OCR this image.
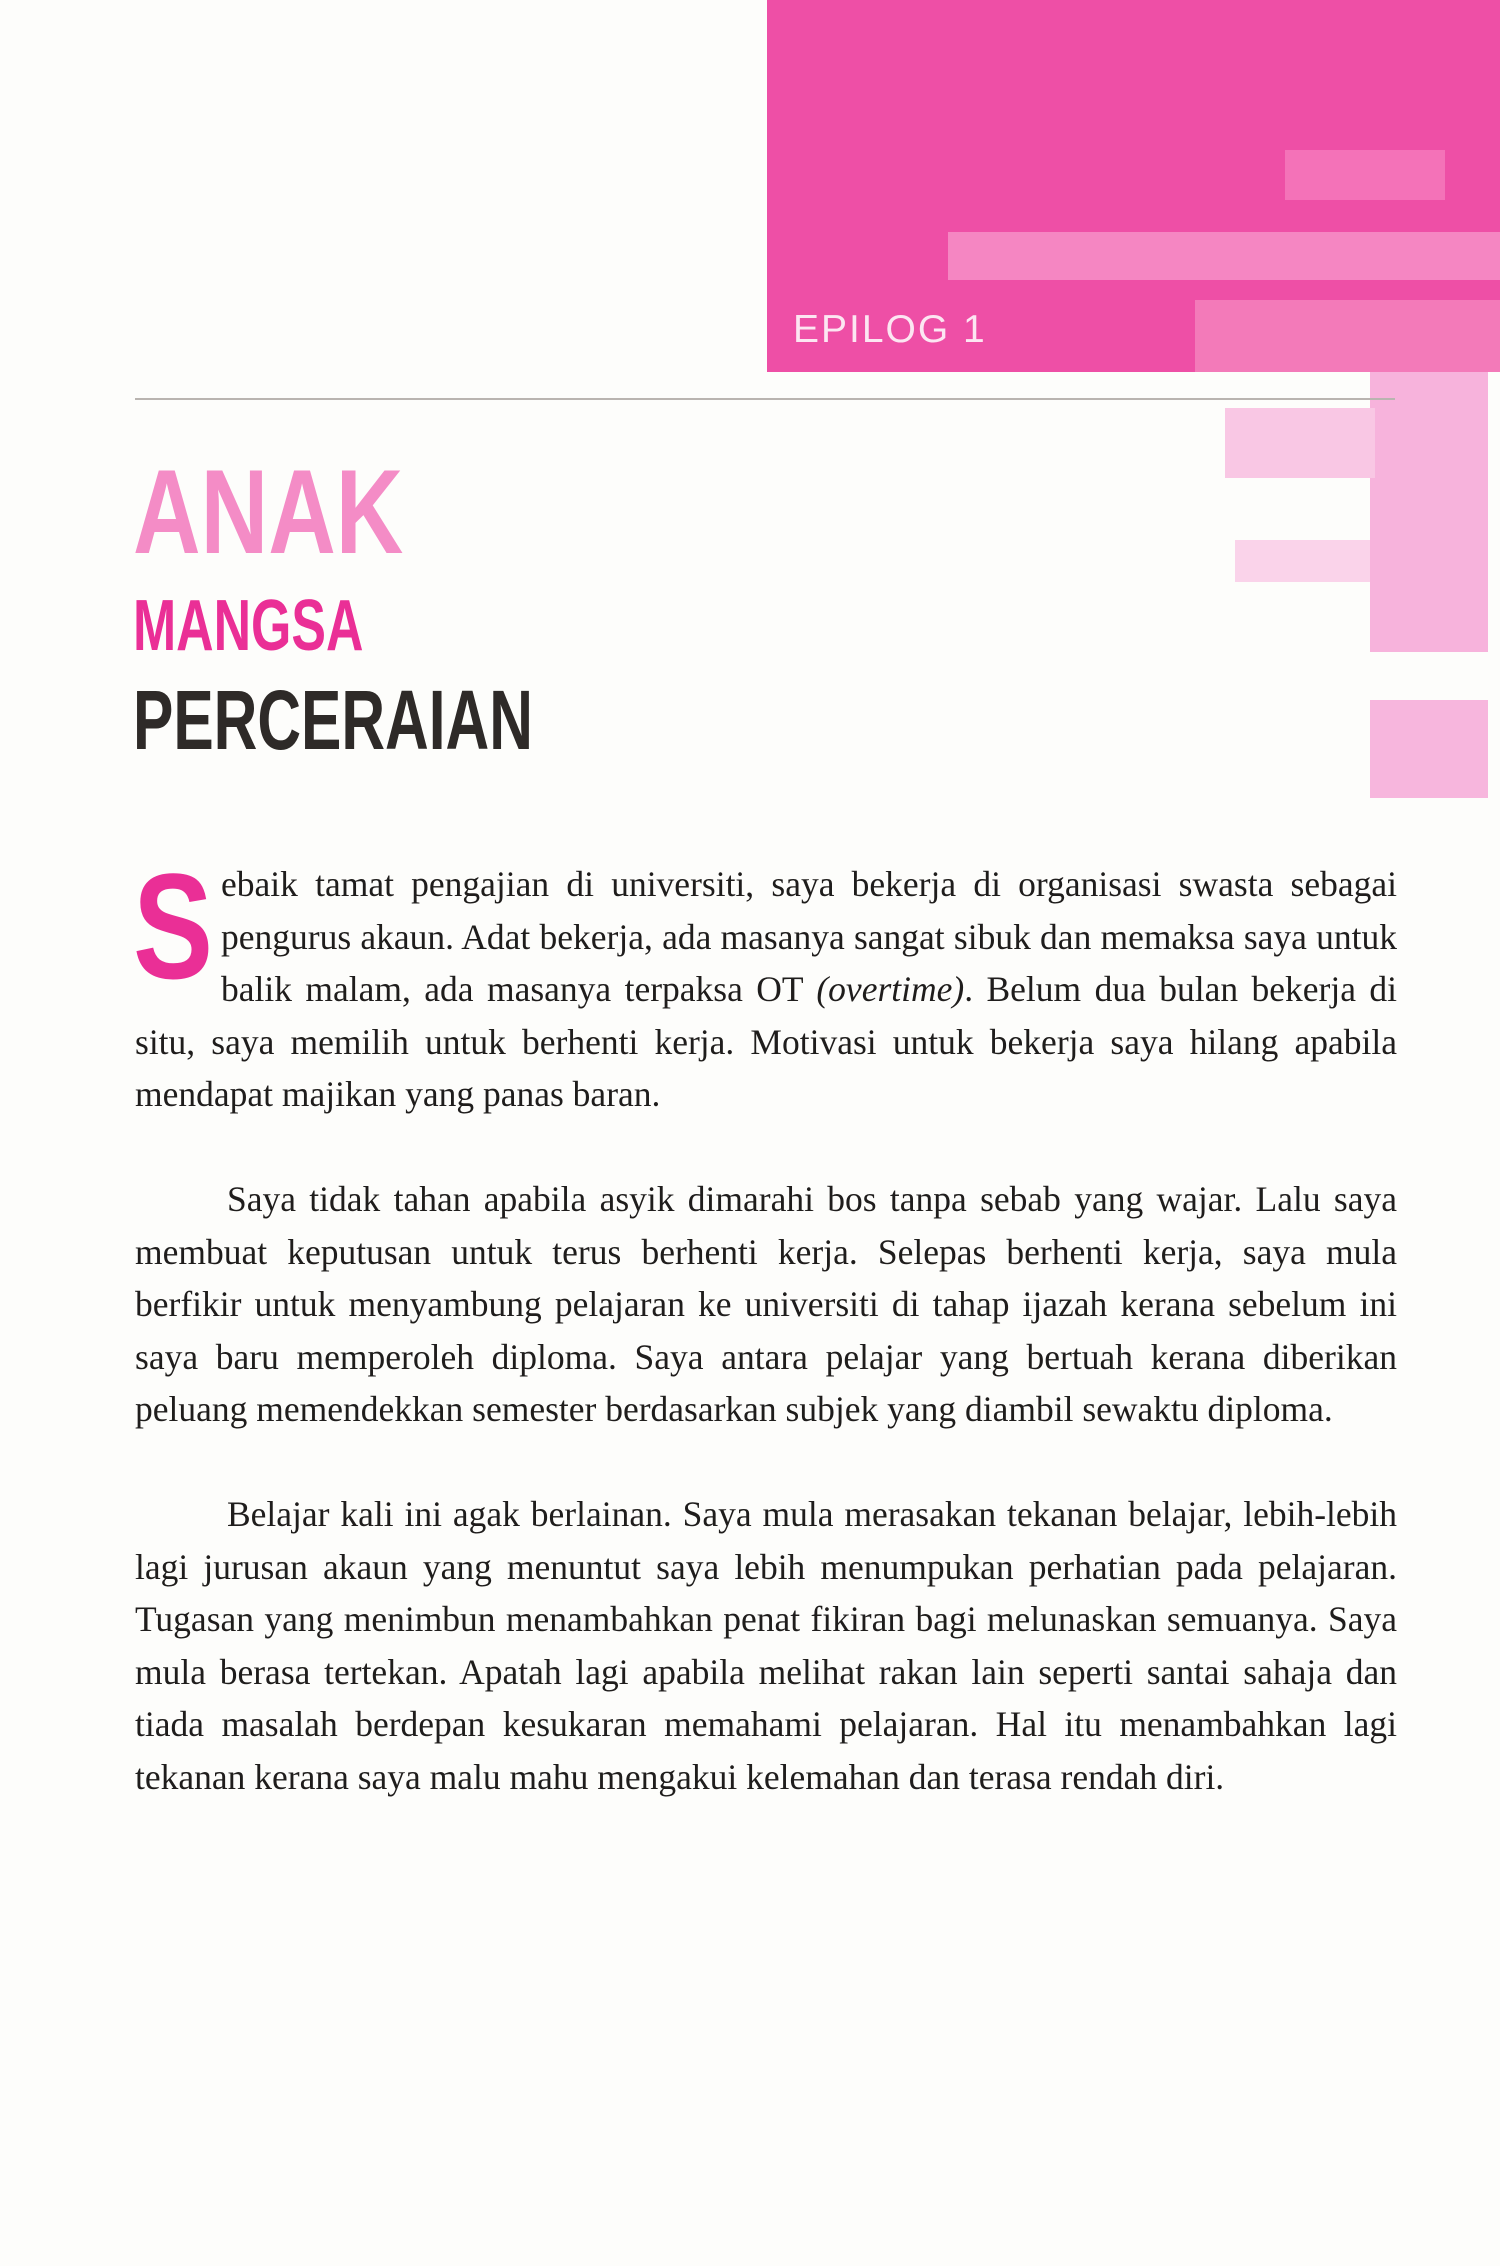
EPILOG 1
ANAK
MANGSA
PERCERAIAN

Sebaik tamat pengajian di universiti, saya bekerja di organisasi swasta sebagai pengurus akaun. Adat bekerja, ada masanya sangat sibuk dan memaksa saya untuk balik malam, ada masanya terpaksa OT (overtime). Belum dua bulan bekerja di situ, saya memilih untuk berhenti kerja. Motivasi untuk bekerja saya hilang apabila mendapat majikan yang panas baran.

Saya tidak tahan apabila asyik dimarahi bos tanpa sebab yang wajar. Lalu saya membuat keputusan untuk terus berhenti kerja. Selepas berhenti kerja, saya mula berfikir untuk menyambung pelajaran ke universiti di tahap ijazah kerana sebelum ini saya baru memperoleh diploma. Saya antara pelajar yang bertuah kerana diberikan peluang memendekkan semester berdasarkan subjek yang diambil sewaktu diploma.

Belajar kali ini agak berlainan. Saya mula merasakan tekanan belajar, lebih-lebih lagi jurusan akaun yang menuntut saya lebih menumpukan perhatian pada pelajaran. Tugasan yang menimbun menambahkan penat fikiran bagi melunaskan semuanya. Saya mula berasa tertekan. Apatah lagi apabila melihat rakan lain seperti santai sahaja dan tiada masalah berdepan kesukaran memahami pelajaran. Hal itu menambahkan lagi tekanan kerana saya malu mahu mengakui kelemahan dan terasa rendah diri.
